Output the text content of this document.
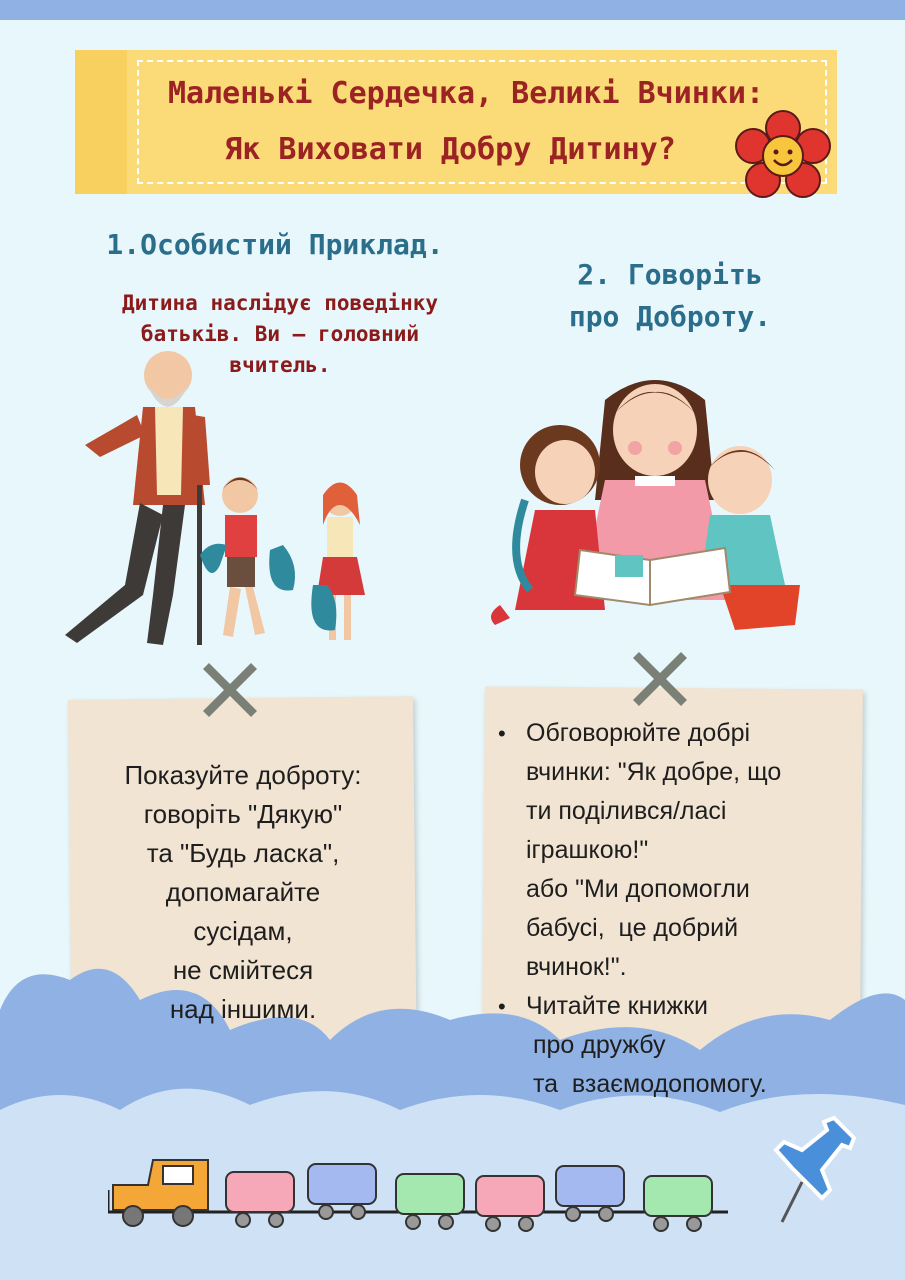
Маленькі Сердечка, Великі Вчинки:
Як Виховати Добру Дитину?
1.Особистий Приклад.
2. Говоріть
про Доброту.
Дитина наслідує поведінку
батьків. Ви – головний
вчитель.
Показуйте доброту:
говоріть "Дякую"
та "Будь ласка",
допомагайте
сусідам,
не смійтеся
над іншими.
• Обговорюйте добрі
вчинки: "Як добре, що
ти поділився/ласі
іграшкою!"
або "Ми допомогли
бабусі,  це добрий
вчинок!".
• Читайте книжки
про дружбу
та  взаємодопомогу.
